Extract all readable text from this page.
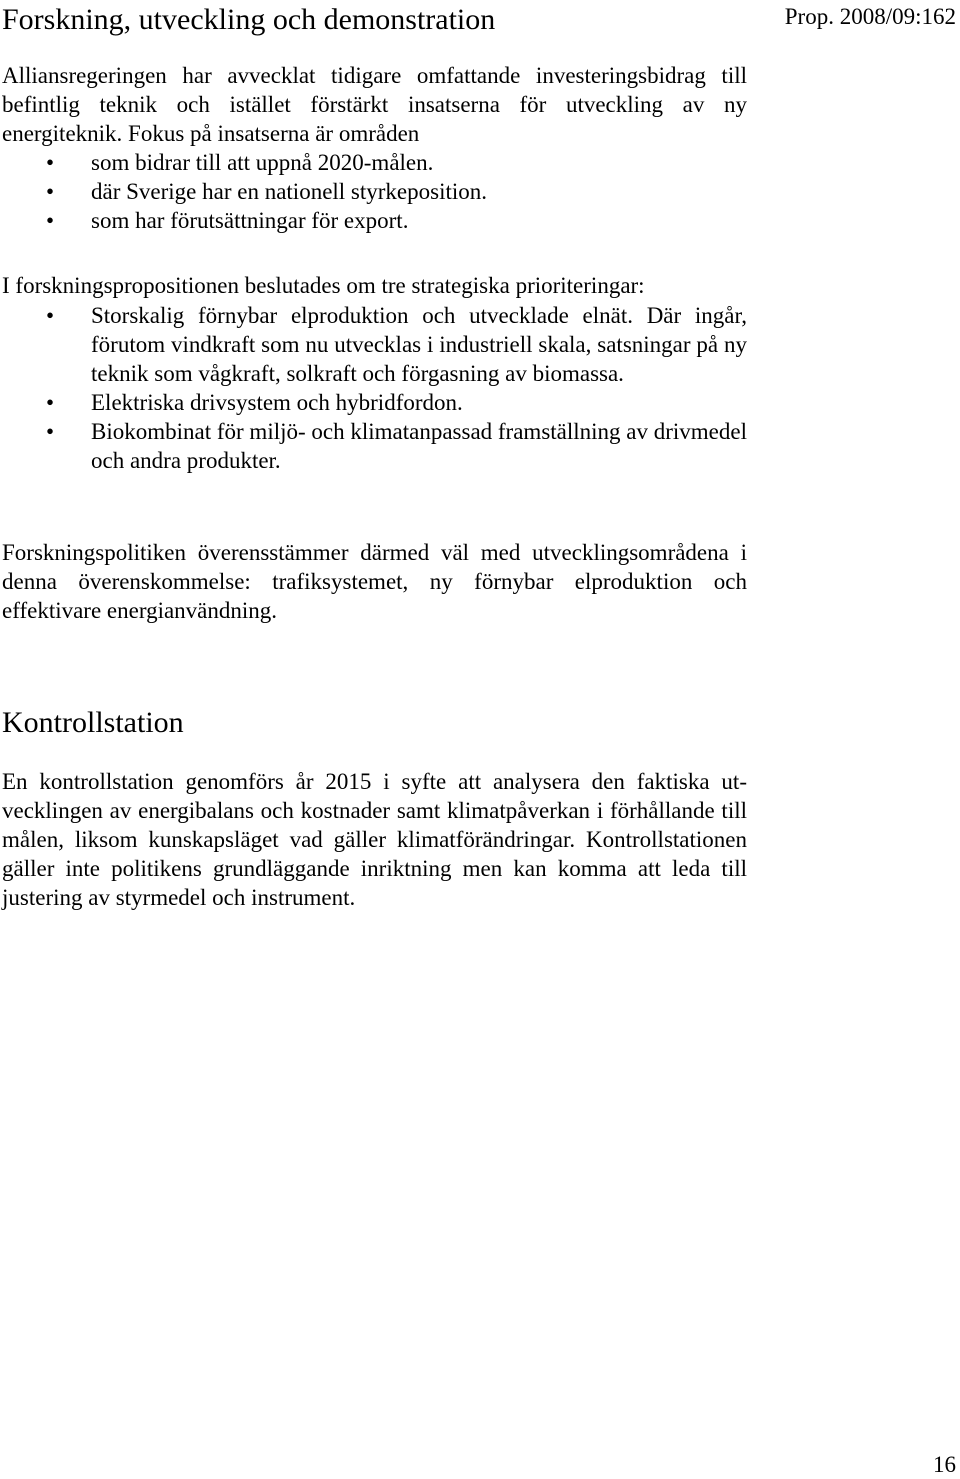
Forskning, utveckling och demonstration	Prop. 2008/09:162
Alliansregeringen har avvecklat tidigare omfattande investeringsbidrag till befintlig teknik och istället förstärkt insatserna för utveckling av ny energiteknik. Fokus på insatserna är områden
• som bidrar till att uppnå 2020-målen.
• där Sverige har en nationell styrkeposition.
• som har förutsättningar för export.
I forskningspropositionen beslutades om tre strategiska prioriteringar:
• Storskalig förnybar elproduktion och utvecklade elnät. Där ingår, förutom vindkraft som nu utvecklas i industriell skala, satsningar på ny teknik som vågkraft, solkraft och förgasning av biomassa.
• Elektriska drivsystem och hybridfordon.
• Biokombinat för miljö- och klimatanpassad framställning av drivmedel och andra produkter.
Forskningspolitiken överensstämmer därmed väl med utvecklingsområdena i denna överenskommelse: trafiksystemet, ny förnybar elproduktion och effektivare energianvändning.
Kontrollstation
En kontrollstation genomförs år 2015 i syfte att analysera den faktiska utvecklingen av energibalans och kostnader samt klimatpåverkan i förhållande till målen, liksom kunskapsläget vad gäller klimatförändringar. Kontrollstationen gäller inte politikens grundläggande inriktning men kan komma att leda till justering av styrmedel och instrument.
16
